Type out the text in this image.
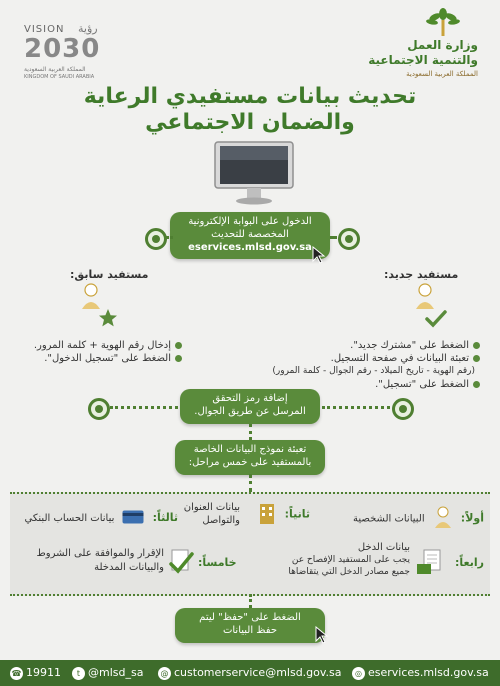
VISION رؤية
2030
المملكة العربية السعودية
KINGDOM OF SAUDI ARABIA
وزارة العمل
والتنمية الاجتماعية
المملكة العربية السعودية
تحديث بيانات مستفيدي الرعاية
والضمان الاجتماعي
الدخول على البوابة الإلكترونية
المخصصة للتحديث
eservices.mlsd.gov.sa
مستفيد سابق:
إدخال رقم الهوية + كلمة المرور.
الضغط على "تسجيل الدخول".
مستفيد جديد:
الضغط على "مشترك جديد".
تعبئة البيانات في صفحة التسجيل.
(رقم الهوية - تاريخ الميلاد - رقم الجوال - كلمة المرور)
الضغط على "تسجيل".
إضافة رمز التحقق
المرسل عن طريق الجوال.
تعبئة نموذج البيانات الخاصة
بالمستفيد على خمس مراحل:
أولاً:  البيانات الشخصية
ثانياً:
بيانات العنوان
والتواصل
ثالثاً:  بيانات الحساب البنكي
رابعاً:
بيانات الدخل
يجب على المستفيد الإفصاح عن
جميع مصادر الدخل التي يتقاضاها
خامساً:
الإقرار والموافقة على الشروط
والبيانات المدخلة
الضغط على "حفظ" ليتم
حفظ البيانات
☎ 19911	t @mlsd_sa	@ customerservice@mlsd.gov.sa	◎ eservices.mlsd.gov.sa
